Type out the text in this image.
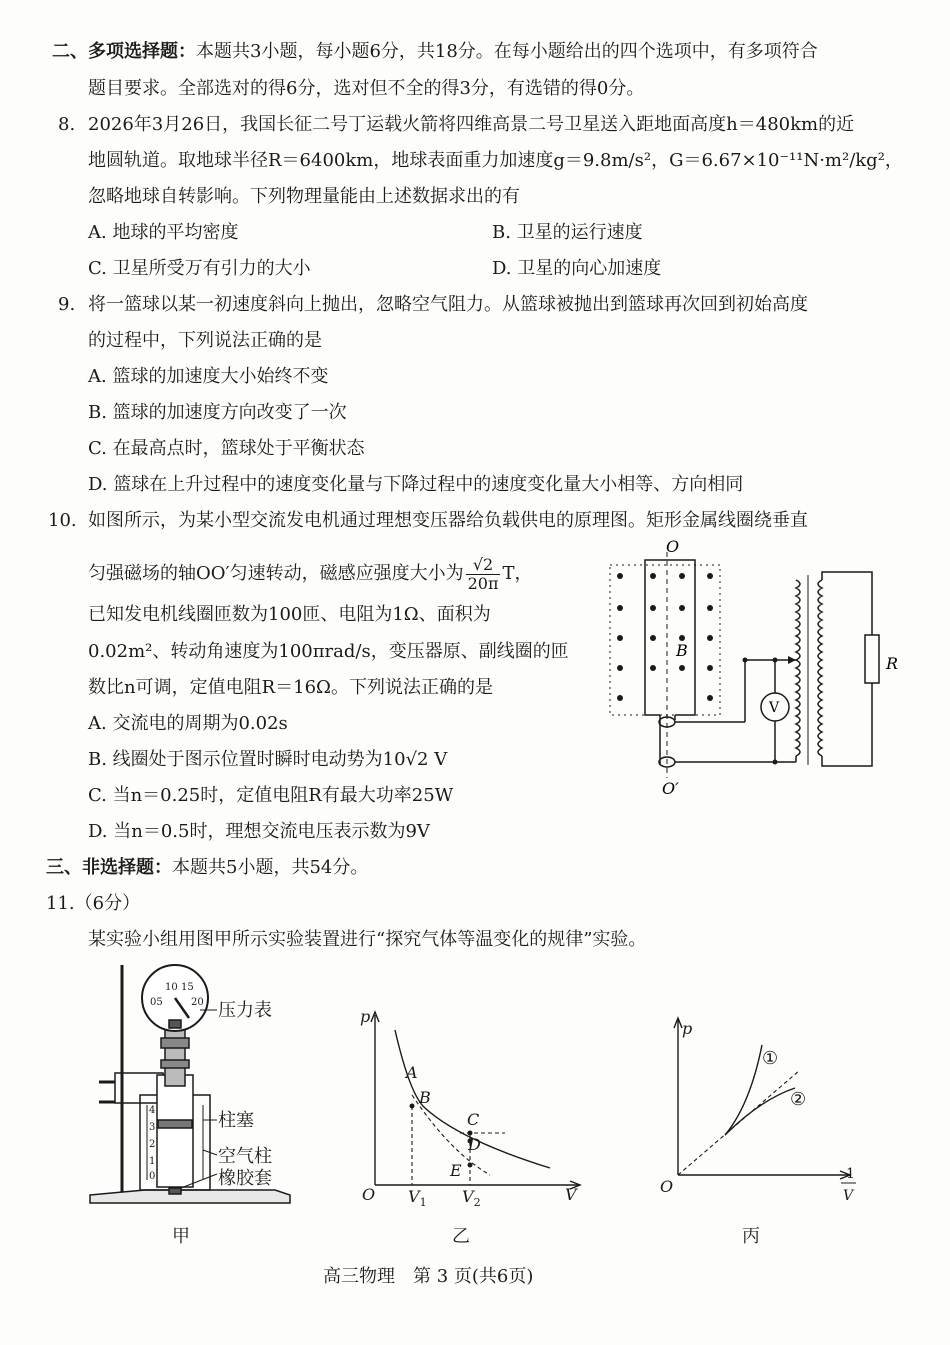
二、多项选择题：本题共3小题，每小题6分，共18分。在每小题给出的四个选项中，有多项符合
题目要求。全部选对的得6分，选对但不全的得3分，有选错的得0分。
8. 2026年3月26日，我国长征二号丁运载火箭将四维高景二号卫星送入距地面高度h＝480km的近
地圆轨道。取地球半径R＝6400km，地球表面重力加速度g＝9.8m/s²，G＝6.67×10⁻¹¹N·m²/kg²，
忽略地球自转影响。下列物理量能由上述数据求出的有
A. 地球的平均密度	B. 卫星的运行速度
C. 卫星所受万有引力的大小	D. 卫星的向心加速度
9. 将一篮球以某一初速度斜向上抛出，忽略空气阻力。从篮球被抛出到篮球再次回到初始高度
的过程中，下列说法正确的是
A. 篮球的加速度大小始终不变
B. 篮球的加速度方向改变了一次
C. 在最高点时，篮球处于平衡状态
D. 篮球在上升过程中的速度变化量与下降过程中的速度变化量大小相等、方向相同
10. 如图所示，为某小型交流发电机通过理想变压器给负载供电的原理图。矩形金属线圈绕垂直
匀强磁场的轴OO′匀速转动，磁感应强度大小为 $\frac{√2}{20\pi}$ T，
已知发电机线圈匝数为100匝、电阻为1Ω、面积为
0.02m²、转动角速度为100πrad/s，变压器原、副线圈的匝
数比n可调，定值电阻R＝16Ω。下列说法正确的是
A. 交流电的周期为0.02s
B. 线圈处于图示位置时瞬时电动势为10√2 V
C. 当n＝0.25时，定值电阻R有最大功率25W
D. 当n＝0.5时，理想交流电压表示数为9V
O
O′
B
V
R
三、非选择题：本题共5小题，共54分。
11.（6分）
某实验小组用图甲所示实验装置进行“探究气体等温变化的规律”实验。
05
10 15
20
4
3
2
1
0
压力表
柱塞
空气柱
橡胶套
甲
p
V
O
A
B
C
D
E
$V_1$ $V_2$
乙
p
O
①
②
1
V
丙
高三物理　第 3 页(共6页)
